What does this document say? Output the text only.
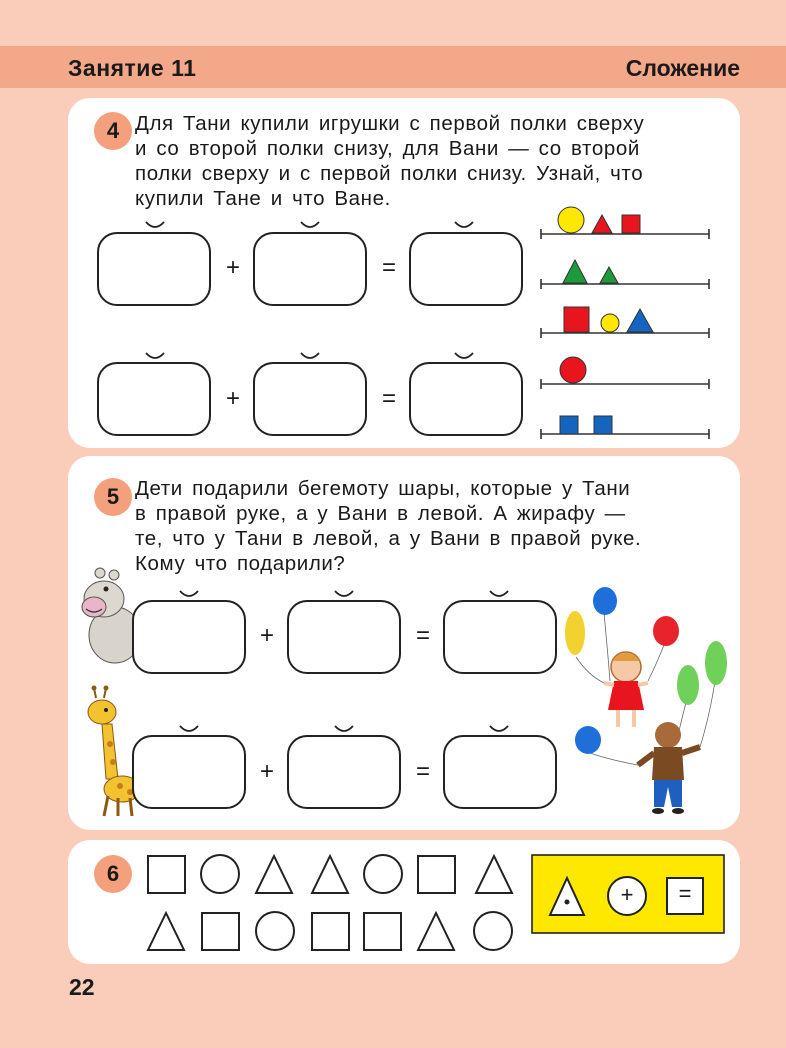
Занятие 11	Сложение
4 Для Тани купили игрушки с первой полки сверху
и со второй полки снизу, для Вани — со второй
полки сверху и с первой полки снизу. Узнай, что
купили Тане и что Ване.
+	=
+	=
5 Дети подарили бегемоту шары, которые у Тани
в правой руке, а у Вани в левой. А жирафу —
те, что у Тани в левой, а у Вани в правой руке.
Кому что подарили?
+	=
+	=
6
+ =
22
